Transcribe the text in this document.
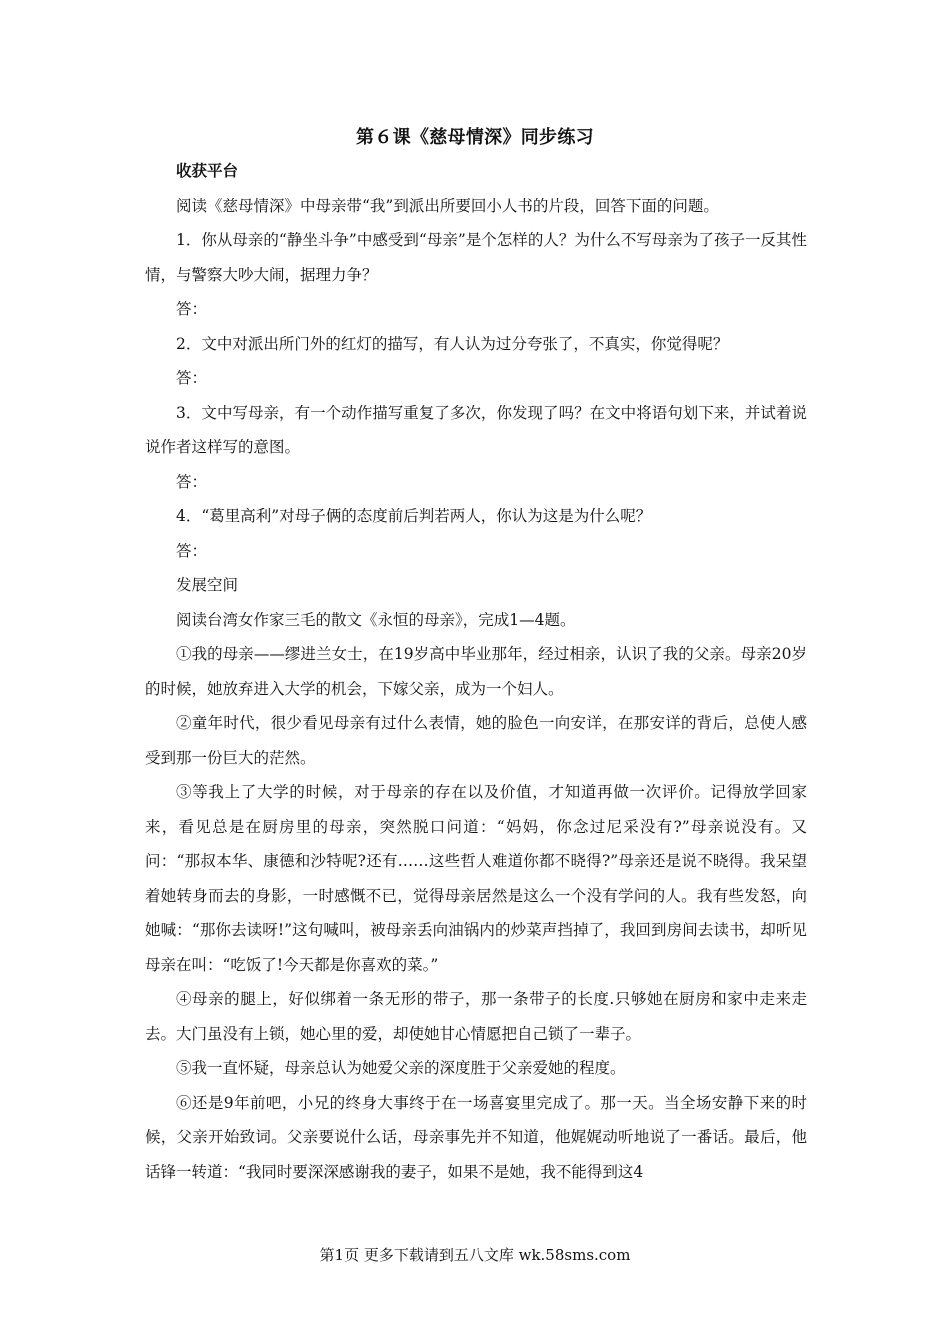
第６课《慈母情深》同步练习

收获平台

阅读《慈母情深》中母亲带“我”到派出所要回小人书的片段，回答下面的问题。

1．你从母亲的“静坐斗争”中感受到“母亲”是个怎样的人？为什么不写母亲为了孩子一反其性情，与警察大吵大闹，据理力争？

答：

2．文中对派出所门外的红灯的描写，有人认为过分夸张了，不真实，你觉得呢？

答：

3．文中写母亲，有一个动作描写重复了多次，你发现了吗？在文中将语句划下来，并试着说说作者这样写的意图。

答：

4．“葛里高利”对母子俩的态度前后判若两人，你认为这是为什么呢？

答：

发展空间

阅读台湾女作家三毛的散文《永恒的母亲》，完成1—4题。

①我的母亲——缪进兰女士，在19岁高中毕业那年，经过相亲，认识了我的父亲。母亲20岁的时候，她放弃进入大学的机会，下嫁父亲，成为一个妇人。

②童年时代，很少看见母亲有过什么表情，她的脸色一向安详，在那安详的背后，总使人感受到那一份巨大的茫然。

③等我上了大学的时候，对于母亲的存在以及价值，才知道再做一次评价。记得放学回家来，看见总是在厨房里的母亲，突然脱口问道：“妈妈，你念过尼采没有?”母亲说没有。又问：“那叔本华、康德和沙特呢?还有……这些哲人难道你都不晓得?”母亲还是说不晓得。我呆望着她转身而去的身影，一时感慨不已，觉得母亲居然是这么一个没有学问的人。我有些发怒，向她喊：“那你去读呀!”这句喊叫，被母亲丢向油锅内的炒菜声挡掉了，我回到房间去读书，却听见母亲在叫：“吃饭了!今天都是你喜欢的菜。”

④母亲的腿上，好似绑着一条无形的带子，那一条带子的长度.只够她在厨房和家中走来走去。大门虽没有上锁，她心里的爱，却使她甘心情愿把自己锁了一辈子。

⑤我一直怀疑，母亲总认为她爱父亲的深度胜于父亲爱她的程度。

⑥还是9年前吧，小兄的终身大事终于在一场喜宴里完成了。那一天。当全场安静下来的时候，父亲开始致词。父亲要说什么话，母亲事先并不知道，他娓娓动听地说了一番话。最后，他话锋一转道：“我同时要深深感谢我的妻子，如果不是她，我不能得到这4

第1页 更多下载请到五八文库 wk.58sms.com
